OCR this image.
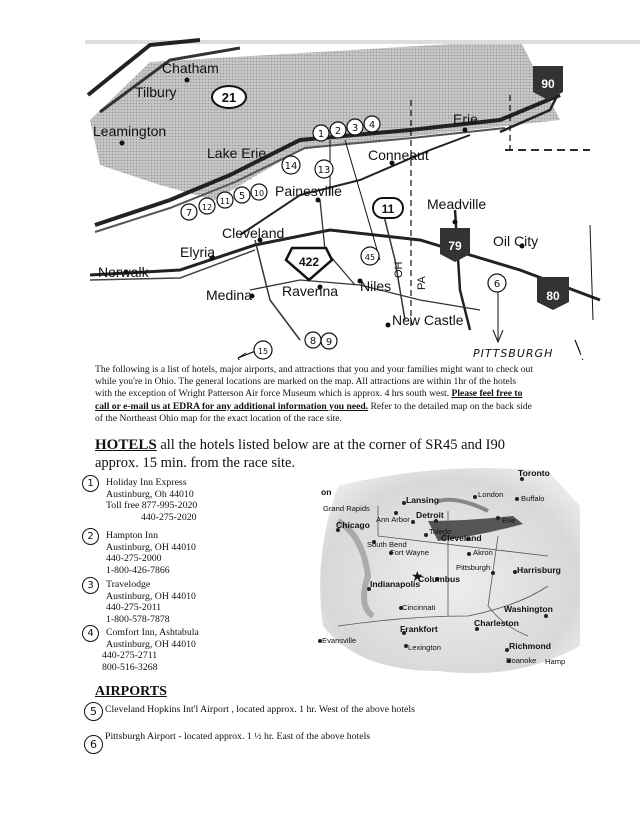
Chatham
Tilbury
Leamington
Lake Erie
Erie
Conneaut
Painesville
Meadville
Cleveland
Elyria
Oil City
Norwalk
Medina Ravenna Niles
New Castle
OH
PA
21
90
11
79
422
80
1 2 3 4
14 13
7
12
11 5 10
6
45
15
8 9
PITTSBURGH
The following is a list of hotels, major airports, and attractions that you and your families might want to check out while you're in Ohio. The general locations are marked on the map. All attractions are within 1hr of the hotels with the exception of Wright Patterson Air force Museum which is approx. 4 hrs south west. Please feel free to call or e-mail us at EDRA for any additional information you need. Refer to the detailed map on the back side of the Northeast Ohio map for the exact location of the race site.
HOTELS all the hotels listed below are at the corner of SR45 and I90
approx. 15 min. from the race site.
1	Holiday Inn Express
Austinburg, Oh 44010
Toll free 877-995-2020
440-275-2020
2	Hampton Inn
Austinburg, OH 44010
440-275-2000
1-800-426-7866
3	Travelodge
Austinburg, OH 44010
440-275-2011
1-800-578-7878
4	Comfort Inn, Ashtabula
Austinburg, OH 44010
440-275-2711
800-516-3268
★
Toronto
on	London
Lansing	Buffalo
Grand Rapids
Ann Arbor Detroit
Erie
Chicago
Toledo
Cleveland
South Bend
Fort Wayne	Akron
Pittsburgh	Harrisburg
Columbus
Indianapolis
Cincinnati	Washington
Charleston
Frankfort
Evansville
Lexington	Richmond
Roanoke Hamp
AIRPORTS
5 Cleveland Hopkins Int'l Airport , located approx. 1 hr. West of the above hotels
6
Pittsburgh Airport - located approx. 1 ½ hr. East of the above hotels
